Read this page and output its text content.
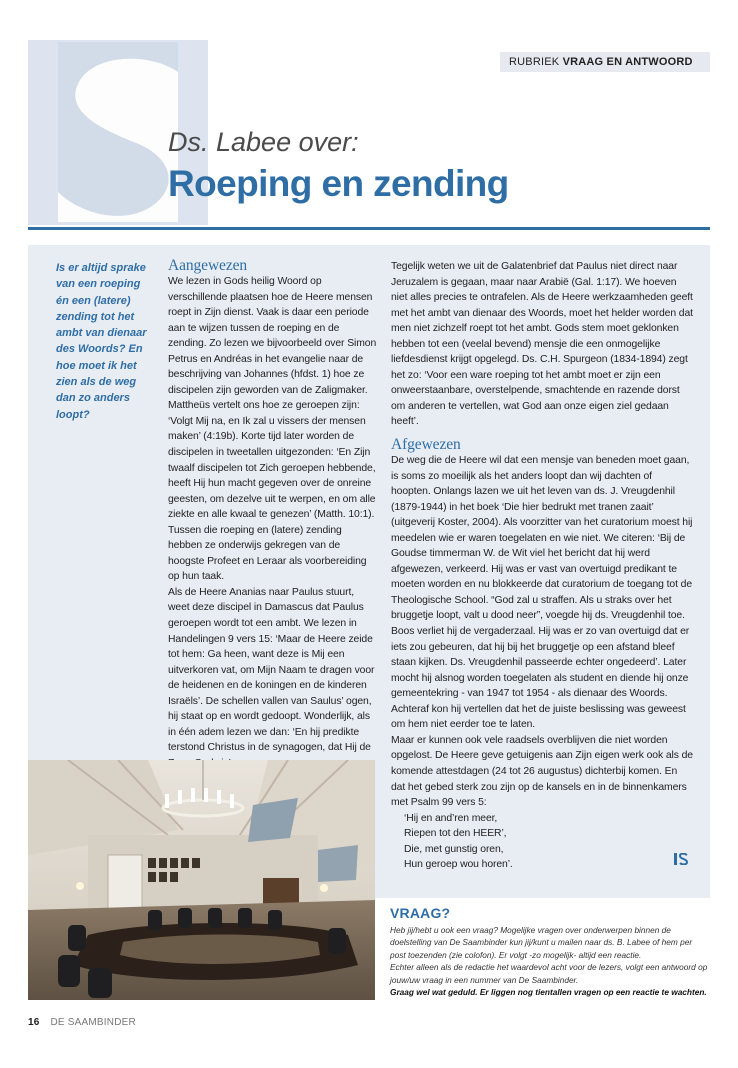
RUBRIEK VRAAG EN ANTWOORD
Ds. Labee over:
Roeping en zending
Is er altijd sprake van een roeping én een (latere) zending tot het ambt van dienaar des Woords? En hoe moet ik het zien als de weg dan zo anders loopt?
Aangewezen

We lezen in Gods heilig Woord op verschillende plaatsen hoe de Heere mensen roept in Zijn dienst. Vaak is daar een periode aan te wijzen tussen de roeping en de zending. Zo lezen we bijvoorbeeld over Simon Petrus en Andréas in het evangelie naar de beschrijving van Johannes (hfdst. 1) hoe ze discipelen zijn geworden van de Zaligmaker. Mattheüs vertelt ons hoe ze geroepen zijn: ‘Volgt Mij na, en Ik zal u vissers der mensen maken’ (4:19b). Korte tijd later worden de discipelen in tweetallen uitgezonden: ‘En Zijn twaalf discipelen tot Zich geroepen hebbende, heeft Hij hun macht gegeven over de onreine geesten, om dezelve uit te werpen, en om alle ziekte en alle kwaal te genezen’ (Matth. 10:1). Tussen die roeping en (latere) zending hebben ze onderwijs gekregen van de hoogste Profeet en Leraar als voorbereiding op hun taak.

Als de Heere Ananias naar Paulus stuurt, weet deze discipel in Damascus dat Paulus geroepen wordt tot een ambt. We lezen in Handelingen 9 vers 15: ‘Maar de Heere zeide tot hem: Ga heen, want deze is Mij een uitverkoren vat, om Mijn Naam te dragen voor de heidenen en de koningen en de kinderen Israëls’. De schellen vallen van Saulus’ ogen, hij staat op en wordt gedoopt. Wonderlijk, als in één adem lezen we dan: ‘En hij predikte terstond Christus in de synagogen, dat Hij de

Tegelijk weten we uit de Galatenbrief dat Paulus niet direct naar Jeruzalem is gegaan, maar naar Arabië (Gal. 1:17). We hoeven niet alles precies te ontrafelen. Als de Heere werkzaamheden geeft met het ambt van dienaar des Woords, moet het helder worden dat men niet zichzelf roept tot het ambt. Gods stem moet geklonken hebben tot een (veelal bevend) mensje die een onmogelijke liefdesdienst krijgt opgelegd. Ds. C.H. Spurgeon (1834-1894) zegt het zo: ‘Voor een ware roeping tot het ambt moet er zijn een onweerstaanbare, overstelpende, smachtende en razende dorst om anderen te vertellen, wat God aan onze eigen ziel gedaan heeft’.

Afgewezen

De weg die de Heere wil dat een mensje van beneden moet gaan, is soms zo moeilijk als het anders loopt dan wij dachten of hoopten. Onlangs lazen we uit het leven van ds. J. Vreugdenhil (1879-1944) in het boek ‘Die hier bedrukt met tranen zaait’ (uitgeverij Koster, 2004). Als voorzitter van het curatorium moest hij meedelen wie er waren toegelaten en wie niet. We citeren: ‘Bij de Goudse timmerman W. de Wit viel het bericht dat hij werd afgewezen, verkeerd. Hij was er vast van overtuigd predikant te moeten worden en nu blokkeerde dat curatorium de toegang tot de Theologische School. “God zal u straffen. Als u straks over het bruggetje loopt, valt u dood neer”, voegde hij ds. Vreugdenhil toe. Boos verliet hij de vergaderzaal. Hij was er zo van overtuigd dat er iets zou gebeuren, dat hij bij het bruggetje op een afstand bleef staan kijken. Ds. Vreugdenhil passeerde echter ongedeerd’. Later mocht hij alsnog worden toegelaten als student en diende hij onze gemeentekring - van 1947 tot 1954 - als dienaar des Woords. Achteraf kon hij vertellen dat het de juiste beslissing was geweest om hem niet eerder toe te laten.

Maar er kunnen ook vele raadsels overblijven die niet worden opgelost. De Heere geve getuigenis aan Zijn eigen werk ook als de komende attestdagen (24 tot 26 augustus) dichterbij komen. En dat het gebed sterk zou zijn op de kansels en in de binnenkamers met Psalm 99 vers 5:

‘Hij en and’ren meer,
Riepen tot den HEER’,
Die, met gunstig oren,
Hun geroep wou horen’.
VRAAG?

Heb jij/hebt u ook een vraag? Mogelijke vragen over onderwerpen binnen de doelstelling van De Saambinder kun jij/kunt u mailen naar ds. B. Labee of hem per post toezenden (zie colofon). Er volgt -zo mogelijk- altijd een reactie.

Echter alleen als de redactie het waardevol acht voor de lezers, volgt een antwoord op jouw/uw vraag in een nummer van De Saambinder.

Graag wel wat geduld. Er liggen nog tientallen vragen op een reactie te wachten.

16 DE SAAMBINDER
